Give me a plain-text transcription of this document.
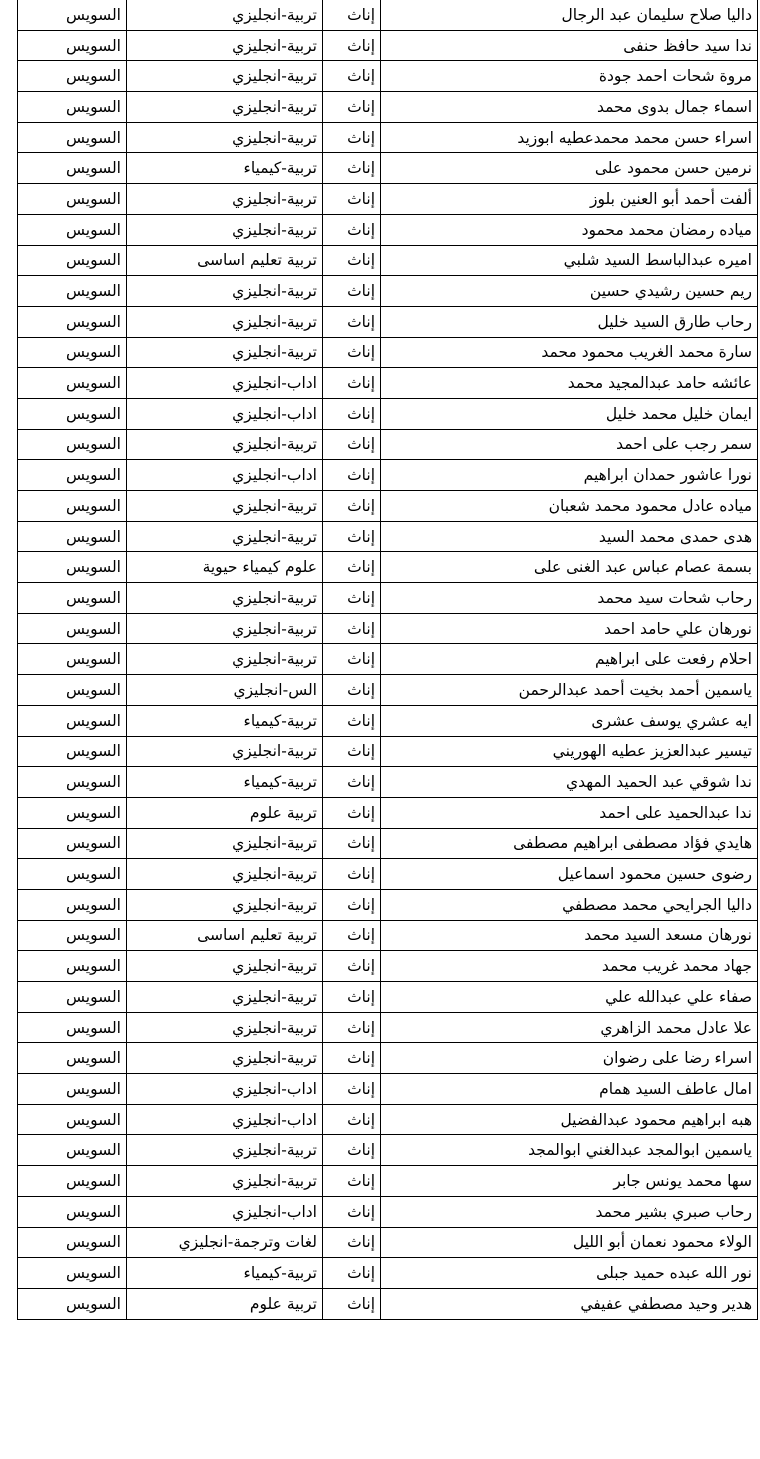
داليا صلاح سليمان عبد الرجال	إناث	تربية-انجليزي	السويس
ندا سيد حافظ حنفى	إناث	تربية-انجليزي	السويس
مروة شحات احمد جودة	إناث	تربية-انجليزي	السويس
اسماء جمال بدوى محمد	إناث	تربية-انجليزي	السويس
اسراء حسن محمد محمدعطيه ابوزيد	إناث	تربية-انجليزي	السويس
نرمين حسن محمود على	إناث	تربية-كيمياء	السويس
ألفت أحمد أبو العنين بلوز	إناث	تربية-انجليزي	السويس
مياده رمضان محمد محمود	إناث	تربية-انجليزي	السويس
اميره عبدالباسط السيد شلبي	إناث	تربية تعليم اساسى	السويس
ريم حسين رشيدي حسين	إناث	تربية-انجليزي	السويس
رحاب طارق السيد خليل	إناث	تربية-انجليزي	السويس
سارة محمد الغريب محمود محمد	إناث	تربية-انجليزي	السويس
عائشه حامد عبدالمجيد محمد	إناث	اداب-انجليزي	السويس
ايمان خليل محمد خليل	إناث	اداب-انجليزي	السويس
سمر رجب على احمد	إناث	تربية-انجليزي	السويس
نورا عاشور حمدان ابراهيم	إناث	اداب-انجليزي	السويس
مياده عادل محمود محمد شعبان	إناث	تربية-انجليزي	السويس
هدى حمدى محمد السيد	إناث	تربية-انجليزي	السويس
بسمة عصام عباس عبد الغنى على	إناث	علوم كيمياء حيوية	السويس
رحاب شحات سيد محمد	إناث	تربية-انجليزي	السويس
نورهان علي حامد احمد	إناث	تربية-انجليزي	السويس
احلام رفعت على ابراهيم	إناث	تربية-انجليزي	السويس
ياسمين أحمد بخيت أحمد عبدالرحمن	إناث	الس-انجليزي	السويس
ايه عشري يوسف عشرى	إناث	تربية-كيمياء	السويس
تيسير عبدالعزيز عطيه الهوريني	إناث	تربية-انجليزي	السويس
ندا شوقي عبد الحميد المهدي	إناث	تربية-كيمياء	السويس
ندا عبدالحميد على احمد	إناث	تربية علوم	السويس
هايدي فؤاد مصطفى ابراهيم مصطفى	إناث	تربية-انجليزي	السويس
رضوى حسين محمود اسماعيل	إناث	تربية-انجليزي	السويس
داليا الجرايحي محمد مصطفي	إناث	تربية-انجليزي	السويس
نورهان مسعد السيد محمد	إناث	تربية تعليم اساسى	السويس
جهاد محمد غريب محمد	إناث	تربية-انجليزي	السويس
صفاء علي عبدالله علي	إناث	تربية-انجليزي	السويس
علا عادل محمد الزاهري	إناث	تربية-انجليزي	السويس
اسراء رضا على رضوان	إناث	تربية-انجليزي	السويس
امال عاطف السيد همام	إناث	اداب-انجليزي	السويس
هبه ابراهيم محمود عبدالفضيل	إناث	اداب-انجليزي	السويس
ياسمين ابوالمجد عبدالغني ابوالمجد	إناث	تربية-انجليزي	السويس
سها محمد يونس جابر	إناث	تربية-انجليزي	السويس
رحاب صبري بشير محمد	إناث	اداب-انجليزي	السويس
الولاء محمود نعمان أبو الليل	إناث	لغات وترجمة-انجليزي	السويس
نور الله عبده حميد جبلى	إناث	تربية-كيمياء	السويس
هدير وحيد مصطفي عفيفي	إناث	تربية علوم	السويس
